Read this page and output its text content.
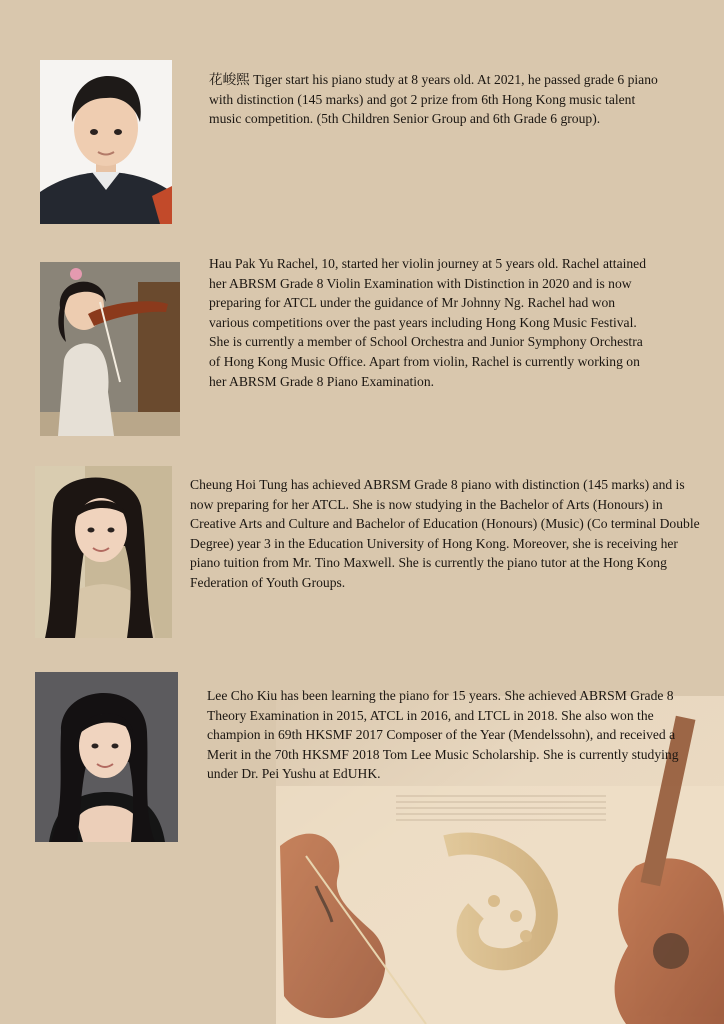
花峻熙 Tiger start his piano study at 8 years old. At 2021, he passed grade 6 piano with distinction (145 marks) and got 2 prize from 6th Hong Kong music talent music competition. (5th Children Senior Group and 6th Grade 6 group).

Hau Pak Yu Rachel, 10, started her violin journey at 5 years old. Rachel attained her ABRSM Grade 8 Violin Examination with Distinction in 2020 and is now preparing for ATCL under the guidance of Mr Johnny Ng. Rachel had won various competitions over the past years including Hong Kong Music Festival. She is currently a member of School Orchestra and Junior Symphony Orchestra of Hong Kong Music Office. Apart from violin, Rachel is currently working on her ABRSM Grade 8 Piano Examination.

Cheung Hoi Tung has achieved ABRSM Grade 8 piano with distinction (145 marks) and is now preparing for her ATCL. She is now studying in the Bachelor of Arts (Honours) in Creative Arts and Culture and Bachelor of Education (Honours) (Music) (Co terminal Double Degree) year 3 in the Education University of Hong Kong. Moreover, she is receiving her piano tuition from Mr. Tino Maxwell. She is currently the piano tutor at the Hong Kong Federation of Youth Groups.

Lee Cho Kiu has been learning the piano for 15 years. She achieved ABRSM Grade 8 Theory Examination in 2015, ATCL in 2016, and LTCL in 2018. She also won the champion in 69th HKSMF 2017 Composer of the Year (Mendelssohn), and received a Merit in the 70th HKSMF 2018 Tom Lee Music Scholarship. She is currently studying under Dr. Pei Yushu at EdUHK.
